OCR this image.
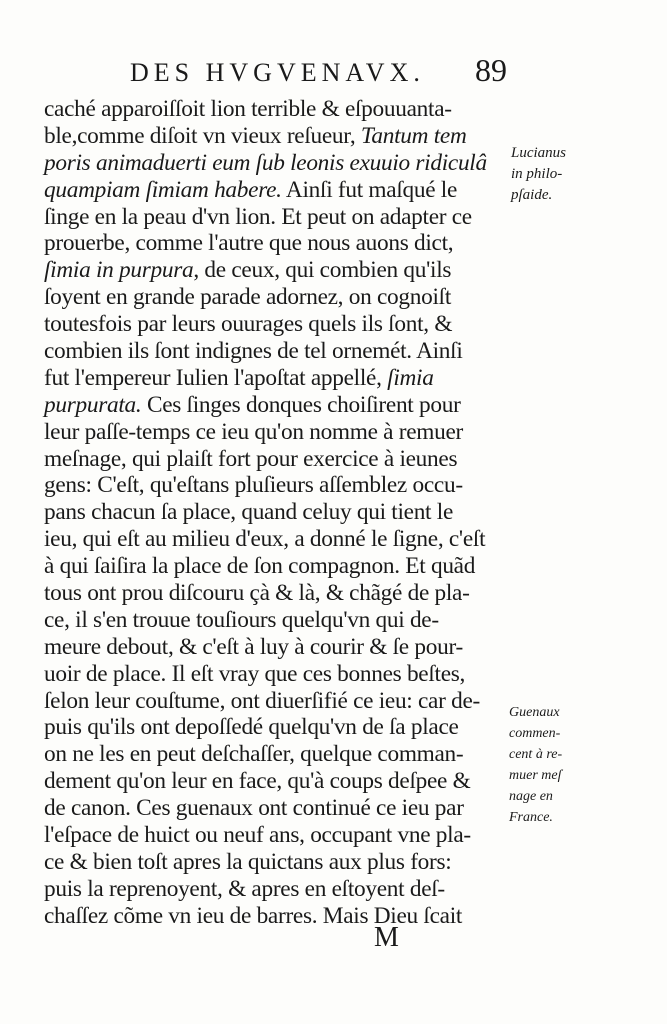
DES HVGVENAVX. 89
caché apparoiſſoit lion terrible & eſpouuanta-
ble,comme diſoit vn vieux reſueur, Tantum tem
poris animaduerti eum ſub leonis exuuio ridiculâ
quampiam ſimiam habere. Ainſi fut maſqué le
ſinge en la peau d'vn lion. Et peut on adapter ce
prouerbe, comme l'autre que nous auons dict,
ſimia in purpura, de ceux, qui combien qu'ils
ſoyent en grande parade adornez, on cognoiſt
toutesfois par leurs ouurages quels ils ſont, &
combien ils ſont indignes de tel ornemét. Ainſi
fut l'empereur Iulien l'apoſtat appellé, ſimia
purpurata. Ces ſinges donques choiſirent pour
leur paſſe-temps ce ieu qu'on nomme à remuer
meſnage, qui plaiſt fort pour exercice à ieunes
gens: C'eſt, qu'eſtans pluſieurs aſſemblez occu-
pans chacun ſa place, quand celuy qui tient le
ieu, qui eſt au milieu d'eux, a donné le ſigne, c'eſt
à qui ſaiſira la place de ſon compagnon. Et quãd
tous ont prou diſcouru çà & là, & chãgé de pla-
ce, il s'en trouue touſiours quelqu'vn qui de-
meure debout, & c'eſt à luy à courir & ſe pour-
uoir de place. Il eſt vray que ces bonnes beſtes,
ſelon leur couſtume, ont diuerſifié ce ieu: car de-
puis qu'ils ont depoſſedé quelqu'vn de ſa place
on ne les en peut deſchaſſer, quelque comman-
dement qu'on leur en face, qu'à coups deſpee &
de canon. Ces guenaux ont continué ce ieu par
l'eſpace de huict ou neuf ans, occupant vne pla-
ce & bien toſt apres la quictans aux plus fors:
puis la reprenoyent, & apres en eſtoyent deſ-
chaſſez cõme vn ieu de barres. Mais Dieu ſcait
Lucianus
in philo-
pſaide.
Guenaux
commen-
cent à re-
muer meſ
nage en
France.
M
